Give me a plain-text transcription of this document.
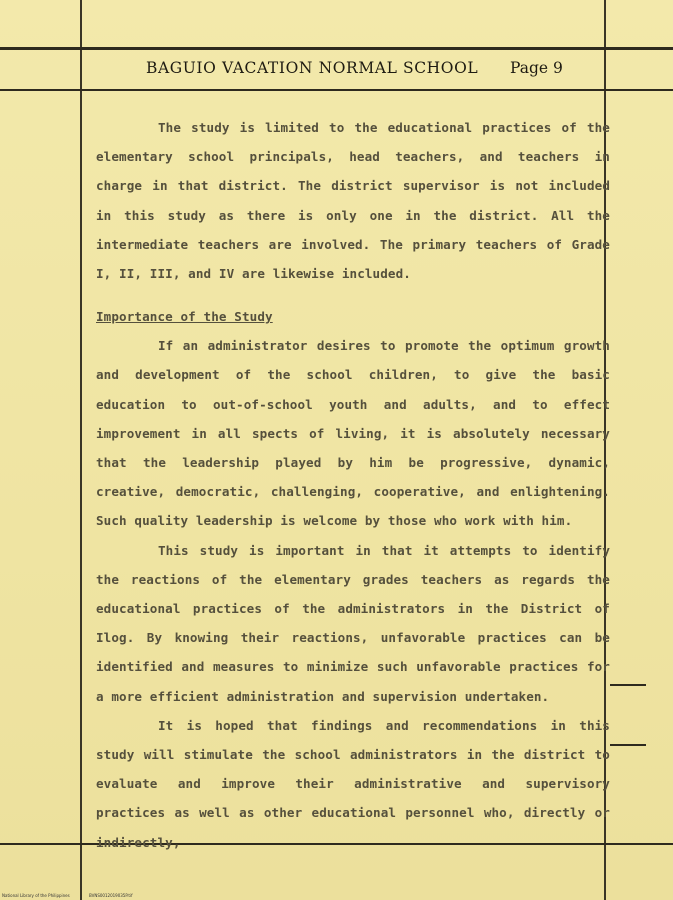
BAGUIO VACATION NORMAL SCHOOL Page 9

The study is limited to the educational practices of the elementary school principals, head teachers, and teachers in charge in that district. The district supervisor is not included in this study as there is only one in the district. All the intermediate teachers are involved. The primary teachers of Grade I, II, III, and IV are likewise included.

Importance of the Study

If an administrator desires to promote the optimum growth and development of the school children, to give the basic education to out-of-school youth and adults, and to effect improvement in all spects of living, it is absolutely necessary that the leadership played by him be progressive, dynamic, creative, democratic, challenging, cooperative, and enlightening. Such quality leadership is welcome by those who work with him.

This study is important in that it attempts to identify the reactions of the elementary grades teachers as regards the educational practices of the administrators in the District of Ilog. By knowing their reactions, unfavorable practices can be identified and measures to minimize such unfavorable practices for a more efficient administration and supervision undertaken.

It is hoped that findings and recommendations in this study will stimulate the school administrators in the district to evaluate and improve their administrative and supervisory practices as well as other educational personnel who, directly or indirectly,

National Library of the Philippines	BVNS0012019035P.tif
